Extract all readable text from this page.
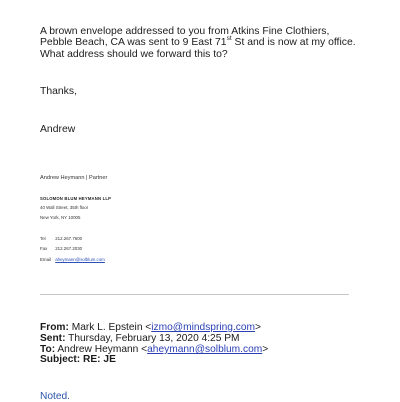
A brown envelope addressed to you from Atkins Fine Clothiers, Pebble Beach, CA was sent to 9 East 71st St and is now at my office. What address should we forward this to?
Thanks,
Andrew
Andrew Heymann | Partner
SOLOMON BLUM HEYMANN LLP
40 Wall Street, 35th floor
New York, NY 10005
Tel 212.267.7600
Fax 212.267.2030
Email aheymann@solblum.com
From: Mark L. Epstein <izmo@mindspring.com>
Sent: Thursday, February 13, 2020 4:25 PM
To: Andrew Heymann <aheymann@solblum.com>
Subject: RE: JE
Noted.
